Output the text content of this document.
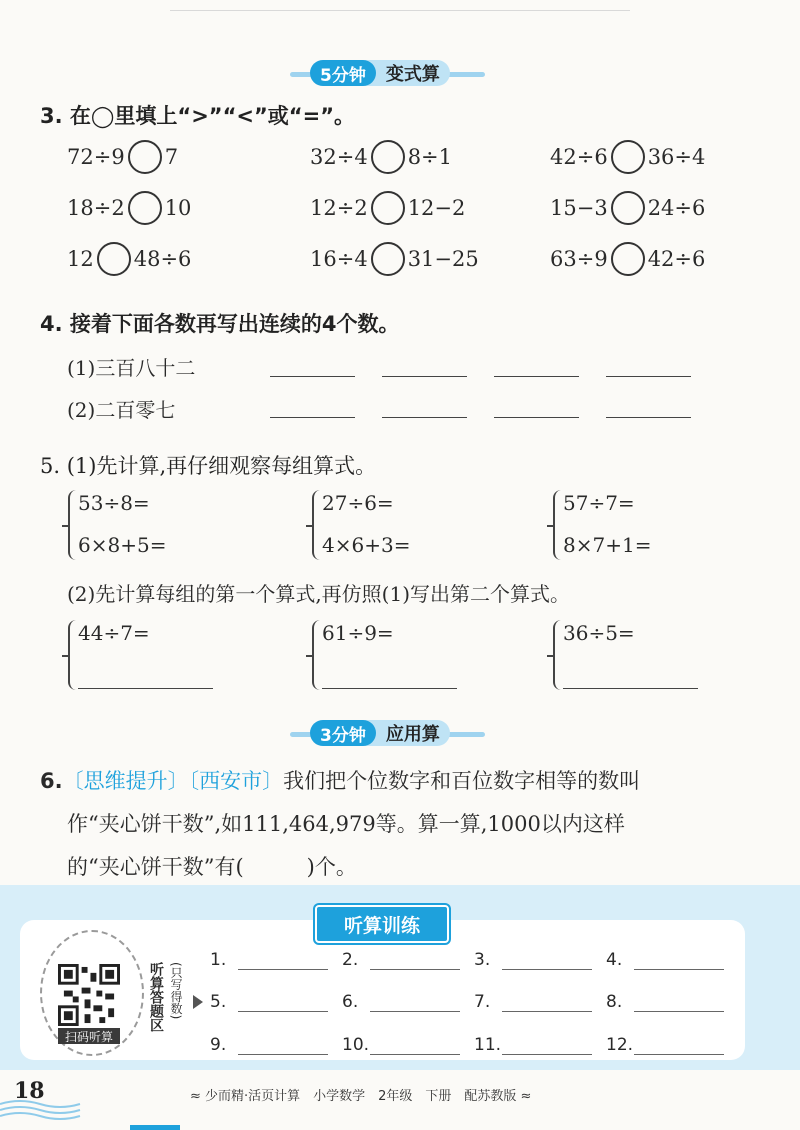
5分钟	变式算
3. 在◯里填上“>”“<”或“=”。
72÷9 7	32÷4 8÷1	42÷6 36÷4
18÷2 10	12÷2 12−2	15−3 24÷6
12 48÷6	16÷4 31−25	63÷9 42÷6
4. 接着下面各数再写出连续的4个数。
(1)三百八十二
(2)二百零七
5. (1)先计算,再仔细观察每组算式。
53÷8=
6×8+5=
27÷6=
4×6+3=
57÷7=
8×7+1=
(2)先计算每组的第一个算式,再仿照(1)写出第二个算式。
44÷7=	61÷9=	36÷5=
3分钟	应用算
6.〔思维提升〕〔西安市〕我们把个位数字和百位数字相等的数叫
作“夹心饼干数”,如111,464,979等。算一算,1000以内这样
的“夹心饼干数”有(　　　)个。
听算训练
扫码听算
听算答题区 (只写得数)
1.	2.	3.	4.
5.	6.	7.	8.
9.	10.	11.	12.
18	≈ 少而精·活页计算　小学数学　2年级　下册　配苏教版 ≈
